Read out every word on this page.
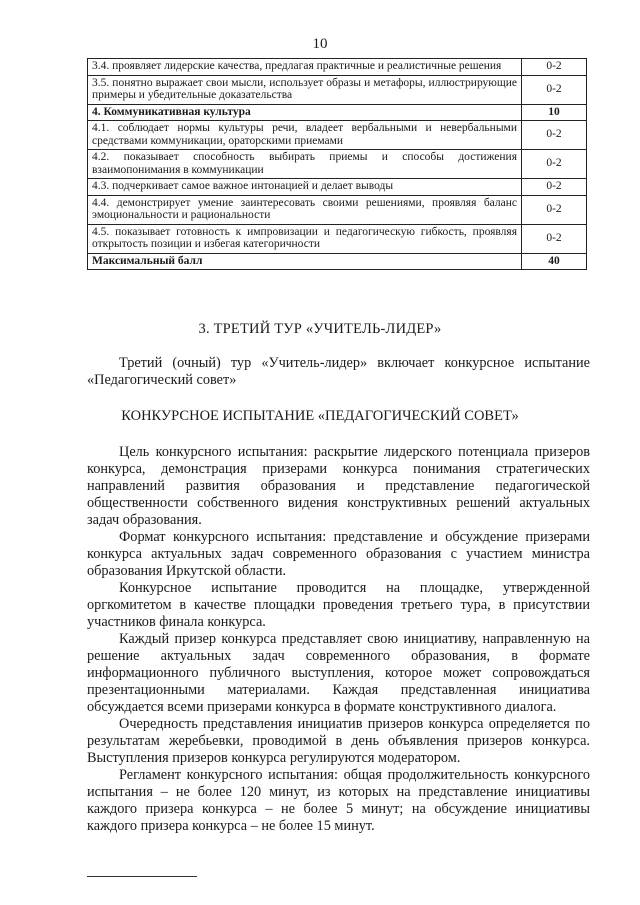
10
3.4. проявляет лидерские качества, предлагая практичные и реалистичные решения	0-2
3.5. понятно выражает свои мысли, использует образы и метафоры, иллюстрирующие примеры и убедительные доказательства	0-2
4. Коммуникативная культура	10
4.1. соблюдает нормы культуры речи, владеет вербальными и невербальными средствами коммуникации, ораторскими приемами	0-2
4.2. показывает способность выбирать приемы и способы достижения взаимопонимания в коммуникации	0-2
4.3. подчеркивает самое важное интонацией и делает выводы	0-2
4.4. демонстрирует умение заинтересовать своими решениями, проявляя баланс эмоциональности и рациональности	0-2
4.5. показывает готовность к импровизации и педагогическую гибкость, проявляя открытость позиции и избегая категоричности	0-2
Максимальный балл	40
3. ТРЕТИЙ ТУР «УЧИТЕЛЬ-ЛИДЕР»

Третий (очный) тур «Учитель-лидер» включает конкурсное испытание «Педагогический совет»

КОНКУРСНОЕ ИСПЫТАНИЕ «ПЕДАГОГИЧЕСКИЙ СОВЕТ»

Цель конкурсного испытания: раскрытие лидерского потенциала призеров конкурса, демонстрация призерами конкурса понимания стратегических направлений развития образования и представление педагогической общественности собственного видения конструктивных решений актуальных задач образования.

Формат конкурсного испытания: представление и обсуждение призерами конкурса актуальных задач современного образования с участием министра образования Иркутской области.

Конкурсное испытание проводится на площадке, утвержденной оргкомитетом в качестве площадки проведения третьего тура, в присутствии участников финала конкурса.

Каждый призер конкурса представляет свою инициативу, направленную на решение актуальных задач современного образования, в формате информационного публичного выступления, которое может сопровождаться презентационными материалами. Каждая представленная инициатива обсуждается всеми призерами конкурса в формате конструктивного диалога.

Очередность представления инициатив призеров конкурса определяется по результатам жеребьевки, проводимой в день объявления призеров конкурса. Выступления призеров конкурса регулируются модератором.

Регламент конкурсного испытания: общая продолжительность конкурсного испытания – не более 120 минут, из которых на представление инициативы каждого призера конкурса – не более 5 минут; на обсуждение инициативы каждого призера конкурса – не более 15 минут.
